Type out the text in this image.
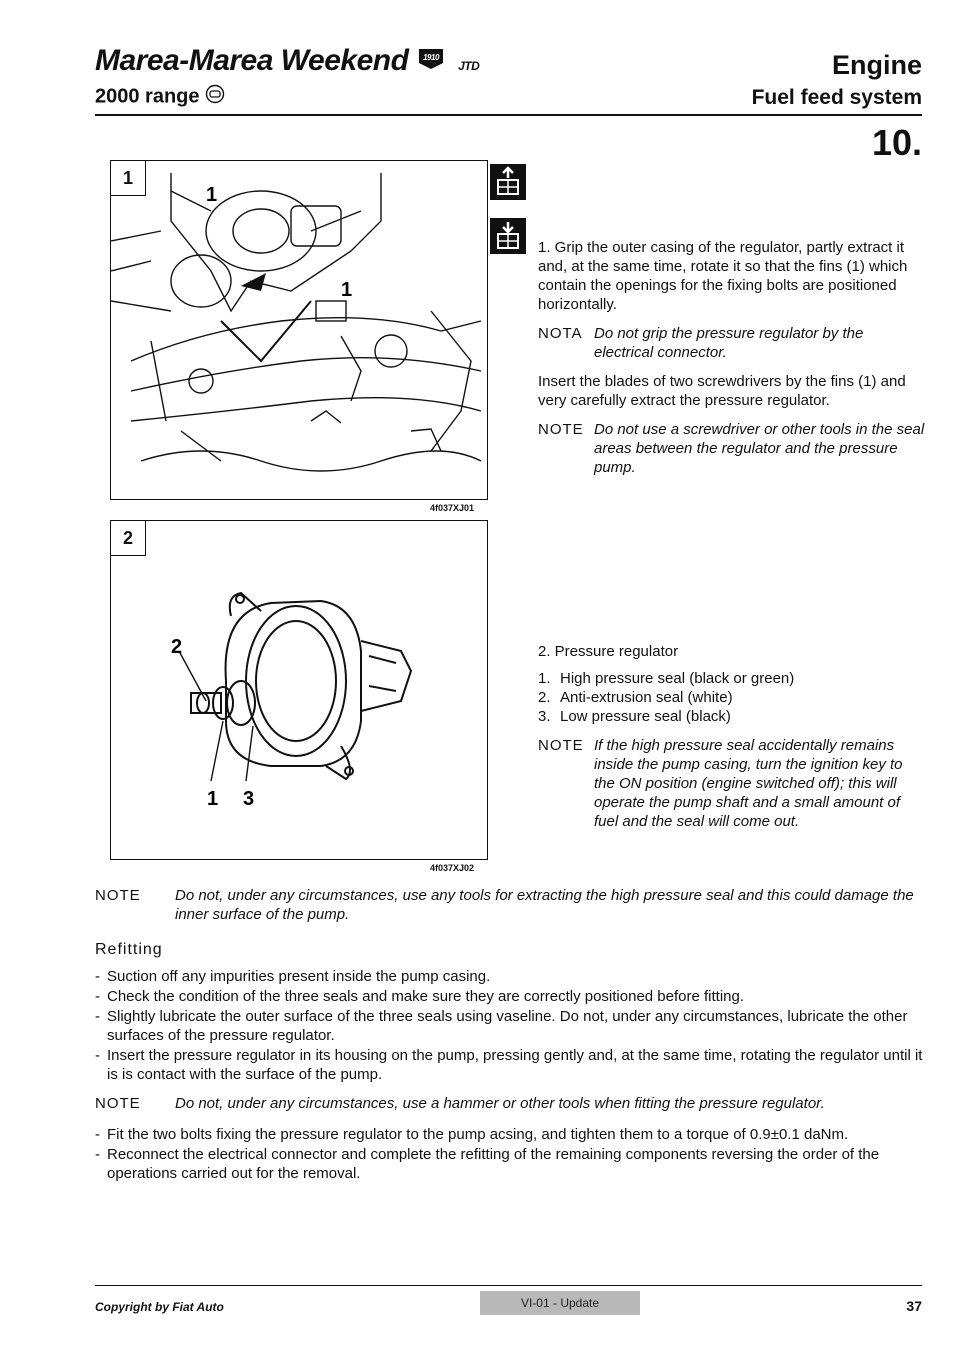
Marea-Marea Weekend 1910
JTD
2000 range
Engine
Fuel feed system
10.
1
1
1
4f037XJ01
1. Grip the outer casing of the regulator, partly extract it and, at the same time, rotate it so that the fins (1) which contain the openings for the fixing bolts are positioned horizontally.
NOTA Do not grip the pressure regulator by the electrical connector.

Insert the blades of two screwdrivers by the fins (1) and very carefully extract the pressure regulator.

NOTE Do not use a screwdriver or other tools in the seal areas between the regulator and the pressure pump.
2
2
1 3
4f037XJ02

2. Pressure regulator

1. High pressure seal (black or green)
2. Anti-extrusion seal (white)
3. Low pressure seal (black)
NOTE If the high pressure seal accidentally remains inside the pump casing, turn the ignition key to the ON position (engine switched off); this will operate the pump shaft and a small amount of fuel and the seal will come out.
NOTE	Do not, under any circumstances, use any tools for extracting the high pressure seal and this could damage the inner surface of the pump.
Refitting
- Suction off any impurities present inside the pump casing.
- Check the condition of the three seals and make sure they are correctly positioned before fitting.
- Slightly lubricate the outer surface of the three seals using vaseline. Do not, under any circumstances, lubricate the other surfaces of the pressure regulator.
- Insert the pressure regulator in its housing on the pump, pressing gently and, at the same time, rotating the regulator until it is is contact with the surface of the pump.
NOTE	Do not, under any circumstances, use a hammer or other tools when fitting the pressure regulator.
- Fit the two bolts fixing the pressure regulator to the pump acsing, and tighten them to a torque of 0.9±0.1 daNm.
- Reconnect the electrical connector and complete the refitting of the remaining components reversing the order of the operations carried out for the removal.
Copyright by Fiat Auto	VI-01 - Update	37
